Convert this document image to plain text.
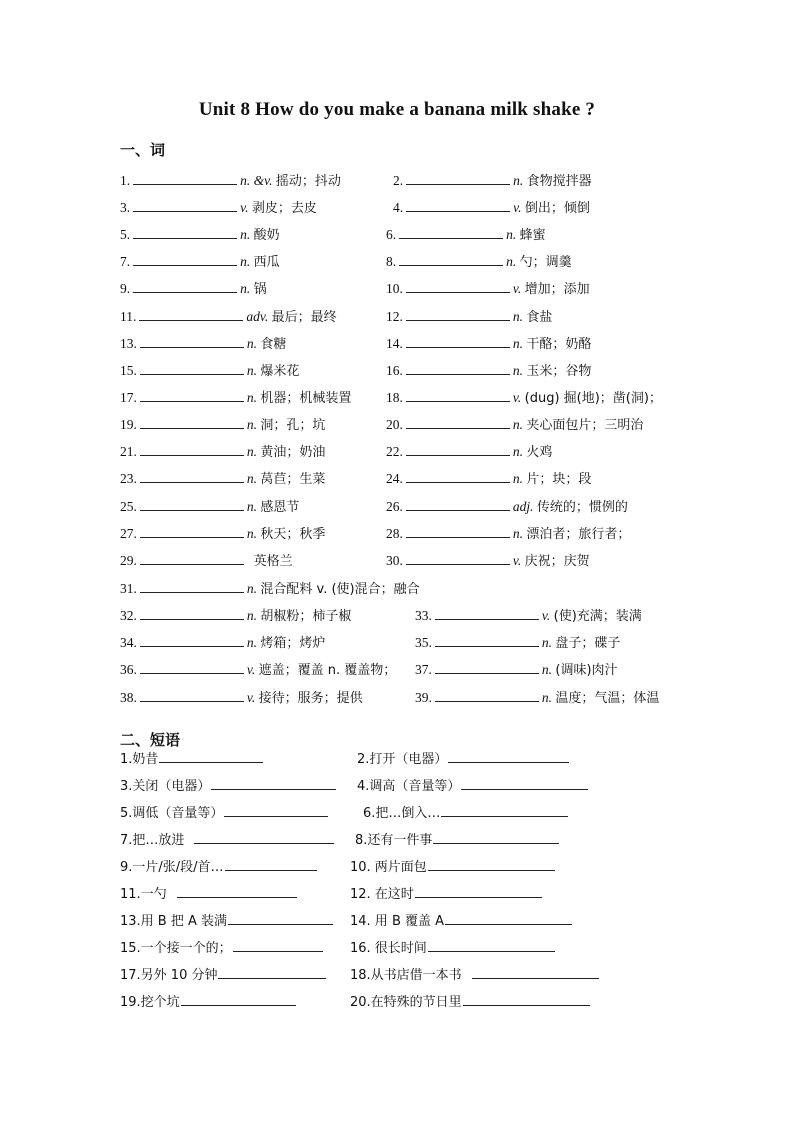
Unit 8 How do you make a banana milk shake ?
一、词
二、短语
1.	n. &v. 摇动；抖动	2.	n. 食物搅拌器
3.	v. 剥皮；去皮	4.	v. 倒出；倾倒
5.	n. 酸奶	6.	n. 蜂蜜
7.	n. 西瓜	8.	n. 勺；调羹
9.	n. 锅	10.	v. 增加；添加
11.	adv. 最后；最终	12.	n. 食盐
13.	n. 食糖	14.	n. 干酪；奶酪
15.	n. 爆米花	16.	n. 玉米；谷物
17.	n. 机器；机械装置	18.	v. (dug) 掘(地)；凿(洞)；
19.	n. 洞；孔；坑	20.	n. 夹心面包片；三明治
21.	n. 黄油；奶油	22.	n. 火鸡
23.	n. 莴苣；生菜	24.	n. 片；块；段
25.	n. 感恩节	26.	adj. 传统的；惯例的
27.	n. 秋天；秋季	28.	n. 漂泊者；旅行者；
29.	英格兰	30.	v. 庆祝；庆贺
31.	n. 混合配料 v. (使)混合；融合
32.	n. 胡椒粉；柿子椒	33.	v. (使)充满；装满
34.	n. 烤箱；烤炉	35.	n. 盘子；碟子
36.	v. 遮盖；覆盖 n. 覆盖物； 37.	n. (调味)肉汁
38.	v. 接待；服务；提供	39.	n. 温度；气温；体温
1.奶昔	2.打开（电器）
3.关闭（电器）	4.调高（音量等）
5.调低（音量等）	6.把…倒入…
7.把…放进	8.还有一件事
9.一片/张/段/首…	10. 两片面包
11.一勺	12. 在这时
13.用 B 把 A 装满	14. 用 B 覆盖 A
15.一个接一个的；	16. 很长时间
17.另外 10 分钟	18.从书店借一本书
19.挖个坑	20.在特殊的节日里
